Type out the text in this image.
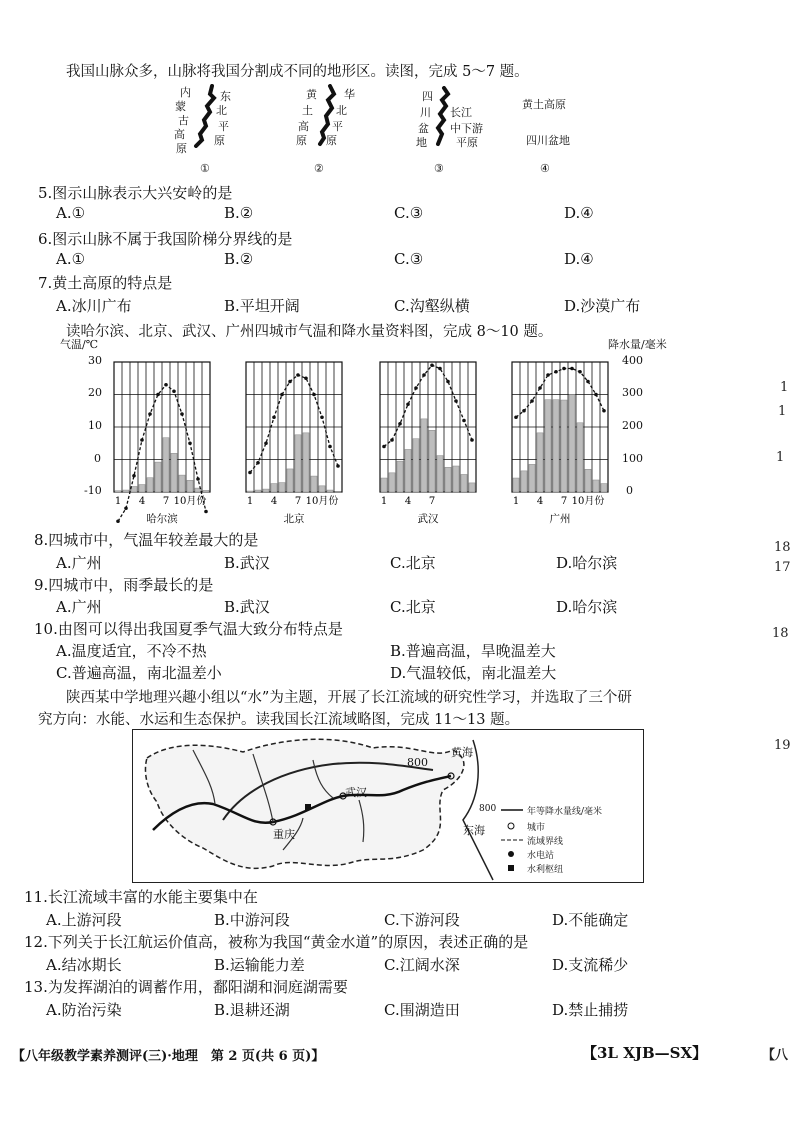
我国山脉众多，山脉将我国分割成不同的地形区。读图，完成 5～7 题。
内
蒙
古
高
原
东
北
平
原
①
黄
土
高
原
华
北
平
原
②
四
川
盆
地
长江
中下游
平原
③
黄土高原
四川盆地
④
5.图示山脉表示大兴安岭的是
A.①	B.②	C.③	D.④
6.图示山脉不属于我国阶梯分界线的是
A.①	B.②	C.③	D.④
7.黄土高原的特点是
A.冰川广布	B.平坦开阔	C.沟壑纵横	D.沙漠广布
读哈尔滨、北京、武汉、广州四城市气温和降水量资料图，完成 8～10 题。
气温/℃	降水量/毫米
30
20
10
0
-10
400
300
200
100
0
1 4 7 10月份
哈尔滨
1 4 7 10月份
北京
1 4 7
武汉
1 4 7 10月份
广州
8.四城市中，气温年较差最大的是
A.广州	B.武汉	C.北京	D.哈尔滨
9.四城市中，雨季最长的是
A.广州	B.武汉	C.北京	D.哈尔滨
10.由图可以得出我国夏季气温大致分布特点是
A.温度适宜，不冷不热	B.普遍高温，旱晚温差大
C.普遍高温，南北温差小	D.气温较低，南北温差大
陕西某中学地理兴趣小组以“水”为主题，开展了长江流域的研究性学习，并选取了三个研
究方向：水能、水运和生态保护。读我国长江流域略图，完成 11～13 题。
黄海
东海
武汉
重庆
800
800	年等降水量线/毫米
城市
流域界线
水电站
水利枢纽
11.长江流域丰富的水能主要集中在
A.上游河段	B.中游河段	C.下游河段	D.不能确定
12.下列关于长江航运价值高，被称为我国“黄金水道”的原因，表述正确的是
A.结冰期长	B.运输能力差	C.江阔水深	D.支流稀少
13.为发挥湖泊的调蓄作用，鄱阳湖和洞庭湖需要
A.防治污染	B.退耕还湖	C.围湖造田	D.禁止捕捞
【八年级教学素养测评(三)·地理　第 2 页(共 6 页)】	【3L XJB—SX】
1
1
1
18
17
18
19
【八
